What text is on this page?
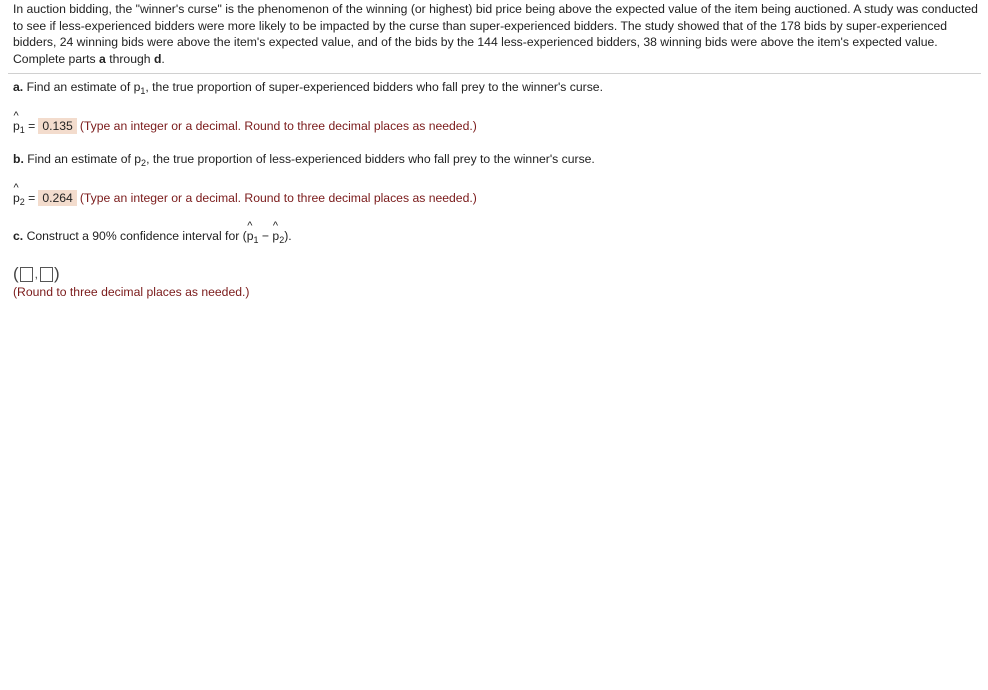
In auction bidding, the "winner's curse" is the phenomenon of the winning (or highest) bid price being above the expected value of the item being auctioned. A study was conducted to see if less-experienced bidders were more likely to be impacted by the curse than super-experienced bidders. The study showed that of the 178 bids by super-experienced bidders, 24 winning bids were above the item's expected value, and of the bids by the 144 less-experienced bidders, 38 winning bids were above the item's expected value. Complete parts a through d.
a. Find an estimate of $p_1$, the true proportion of super-experienced bidders who fall prey to the winner's curse.
^
$p_1 = 0.135$ (Type an integer or a decimal. Round to three decimal places as needed.)
b. Find an estimate of $p_2$, the true proportion of less-experienced bidders who fall prey to the winner's curse.
^
$p_2 = 0.264$ (Type an integer or a decimal. Round to three decimal places as needed.)
c. Construct a 90% confidence interval for (
^
$p_1$ −
^
$p_2$).
( , )
(Round to three decimal places as needed.)
